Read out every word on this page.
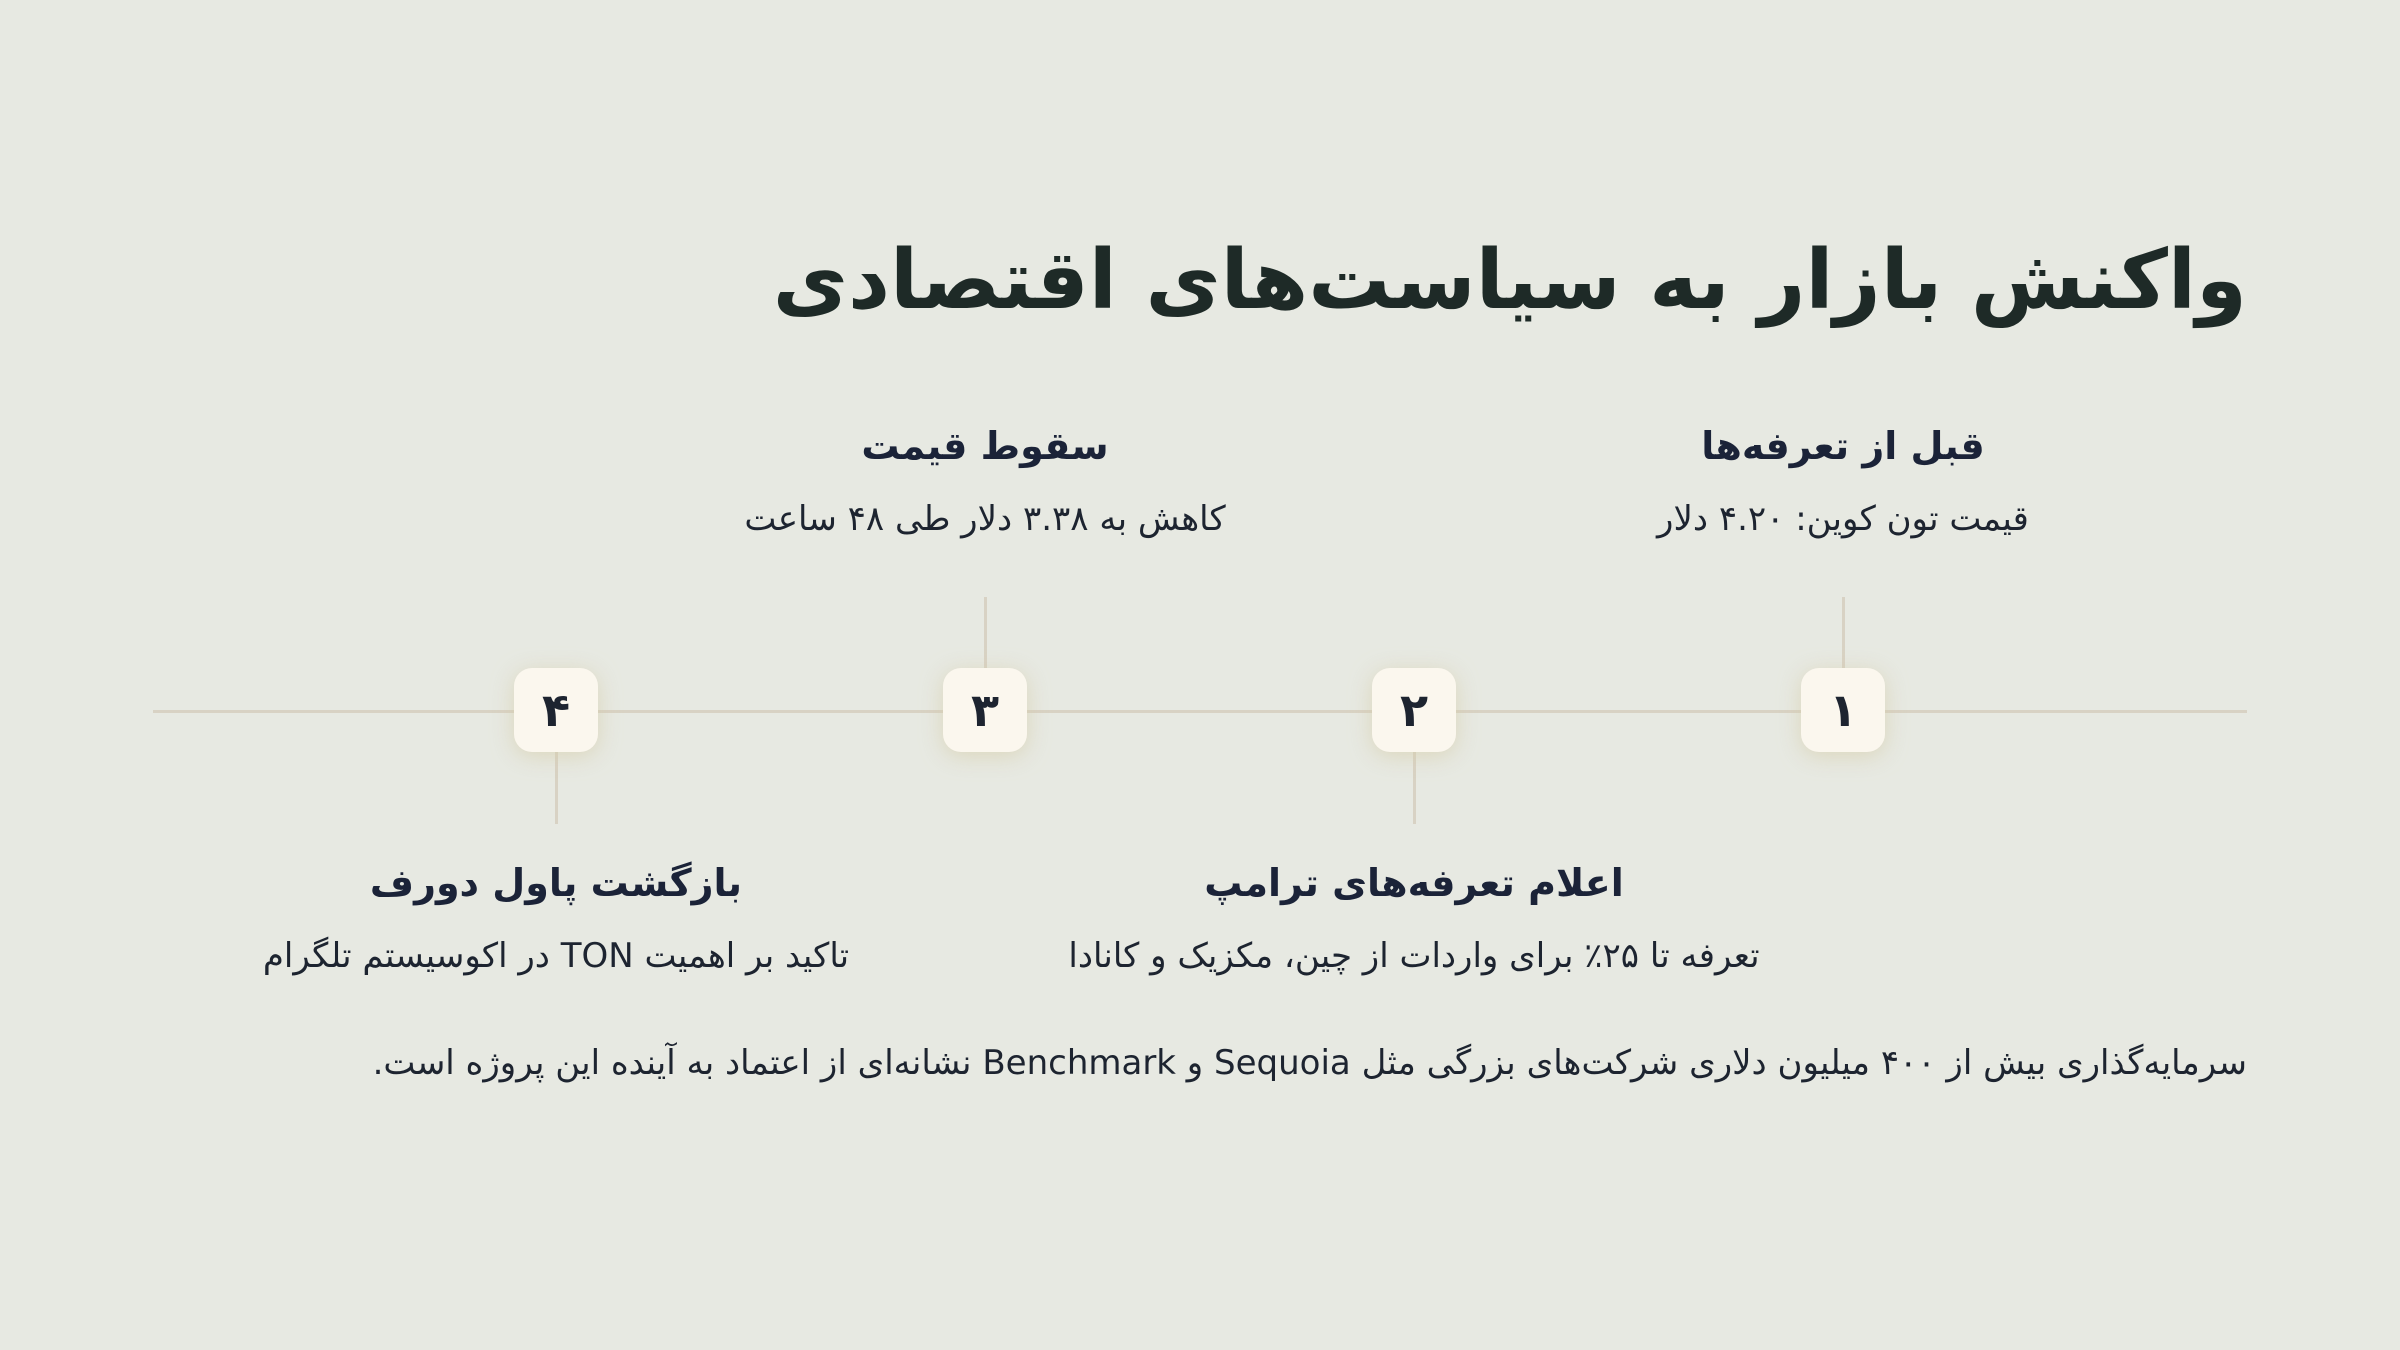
واکنش بازار به سیاست‌های اقتصادی
۱
۲
۳
۴
قبل از تعرفه‌ها
قیمت تون کوین: ۴.۲۰ دلار
اعلام تعرفه‌های ترامپ
تعرفه تا ۲۵٪ برای واردات از چین، مکزیک و کانادا
سقوط قیمت
کاهش به ۳.۳۸ دلار طی ۴۸ ساعت
بازگشت پاول دورف
تاکید بر اهمیت TON در اکوسیستم تلگرام
سرمایه‌گذاری بیش از ۴۰۰ میلیون دلاری شرکت‌های بزرگی مثل Sequoia و Benchmark نشانه‌ای از اعتماد به آینده این پروژه است.
